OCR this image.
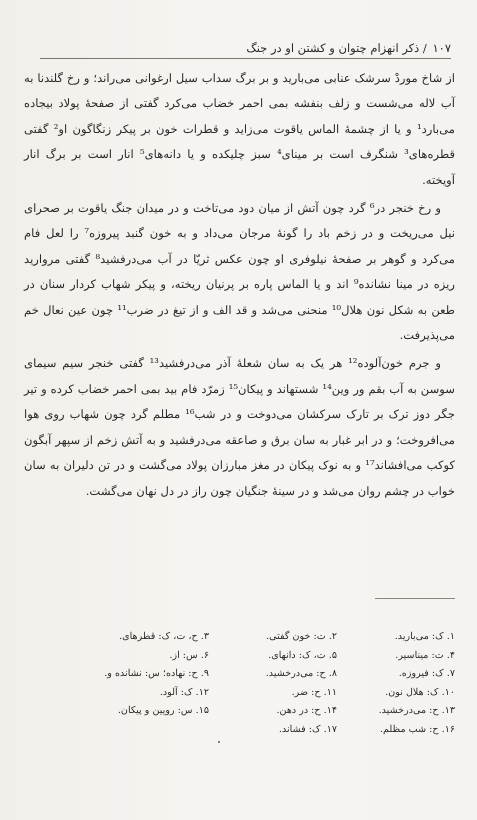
۱۰۷ / ذکر انهزام چتوان و کشتن او در جنگ

از شاخ موردْ سرشک عنابی می‌بارید و بر برگ سداب سیل ارغوانی می‌راند؛ و رخ گلندنا به آب لاله می‌شست و زلف بنفشه بمی احمر خضاب می‌کرد گفتی از صفحهٔ پولاد بیجاده می‌بارد¹ و یا از چشمهٔ الماس یاقوت می‌زاید و قطرات خون بر پیکر زنگاگون او² گفتی قطره‌های³ شنگرف است بر مینای⁴ سبز چلیکده و یا دانه‌های⁵ انار است بر برگ انار آویخته.

و رخ خنجر در⁶ گرد چون آتش از میان دود می‌تاخت و در میدان جنگ یاقوت بر صحرای نیل می‌ریخت و در زخم باد را گونهٔ مرجان می‌داد و به خون گنبد پیروزه⁷ را لعل فام می‌کرد و گوهر بر صفحهٔ نیلوفری او چون عکس ثریّا در آب می‌درفشید⁸ گفتی مروارید ریزه در مینا نشانده⁹ اند و یا الماس پاره بر پرنیان ریخته، و پیکر شهاب کردار سنان در طعن به شکل نون هلال¹⁰ منحنی می‌شد و قد الف و از تیغ در ضرب¹¹ چون عین نعال خم می‌پذیرفت.

و جرم خون‌آلوده¹² هر یک به سان شعلهٔ آذر می‌درفشید¹³ گفتی خنجر سیم سیمای سوسن به آب بقم ور وین¹⁴ شستهاند و پیکان¹⁵ زمرّد فام بید بمی احمر خضاب کرده و تیر جگر دوز ترک بر تارک سرکشان می‌دوخت و در شب¹⁶ مطلم گرد چون شهاب روی هوا می‌افروخت؛ و در ابر غبار به سان برق و صاعقه می‌درفشید و به آتش زخم از سپهر آبگون کوکب می‌افشاند¹⁷ و به نوک پیکان در مغز مبارزان پولاد می‌گشت و در تن دلیران به سان خواب در چشم روان می‌شد و در سینهٔ جنگیان چون راز در دل نهان می‌گشت.

۱. ک: می‌بارید.
۲. ت: خون گفتی.
۳. ح، ت، ک: قطرهای.
۴. ت: میناسیر.
۵. ت، ک: دانهای.
۶. س: از.
۷. ک: فیروزه.
۸. ح: می‌درخشید.
۹. ح: نهاده؛ س: نشانده و.
۱۰. ک: هلال نون.
۱۱. ح: ضر.
۱۲. ک: آلود.
۱۳. ح: می‌درخشید.
۱۴. ح: در دهن.
۱۵. س: رویین و پیکان.
۱۶. ح: شب مظلم.
۱۷. ک: فشاند.
